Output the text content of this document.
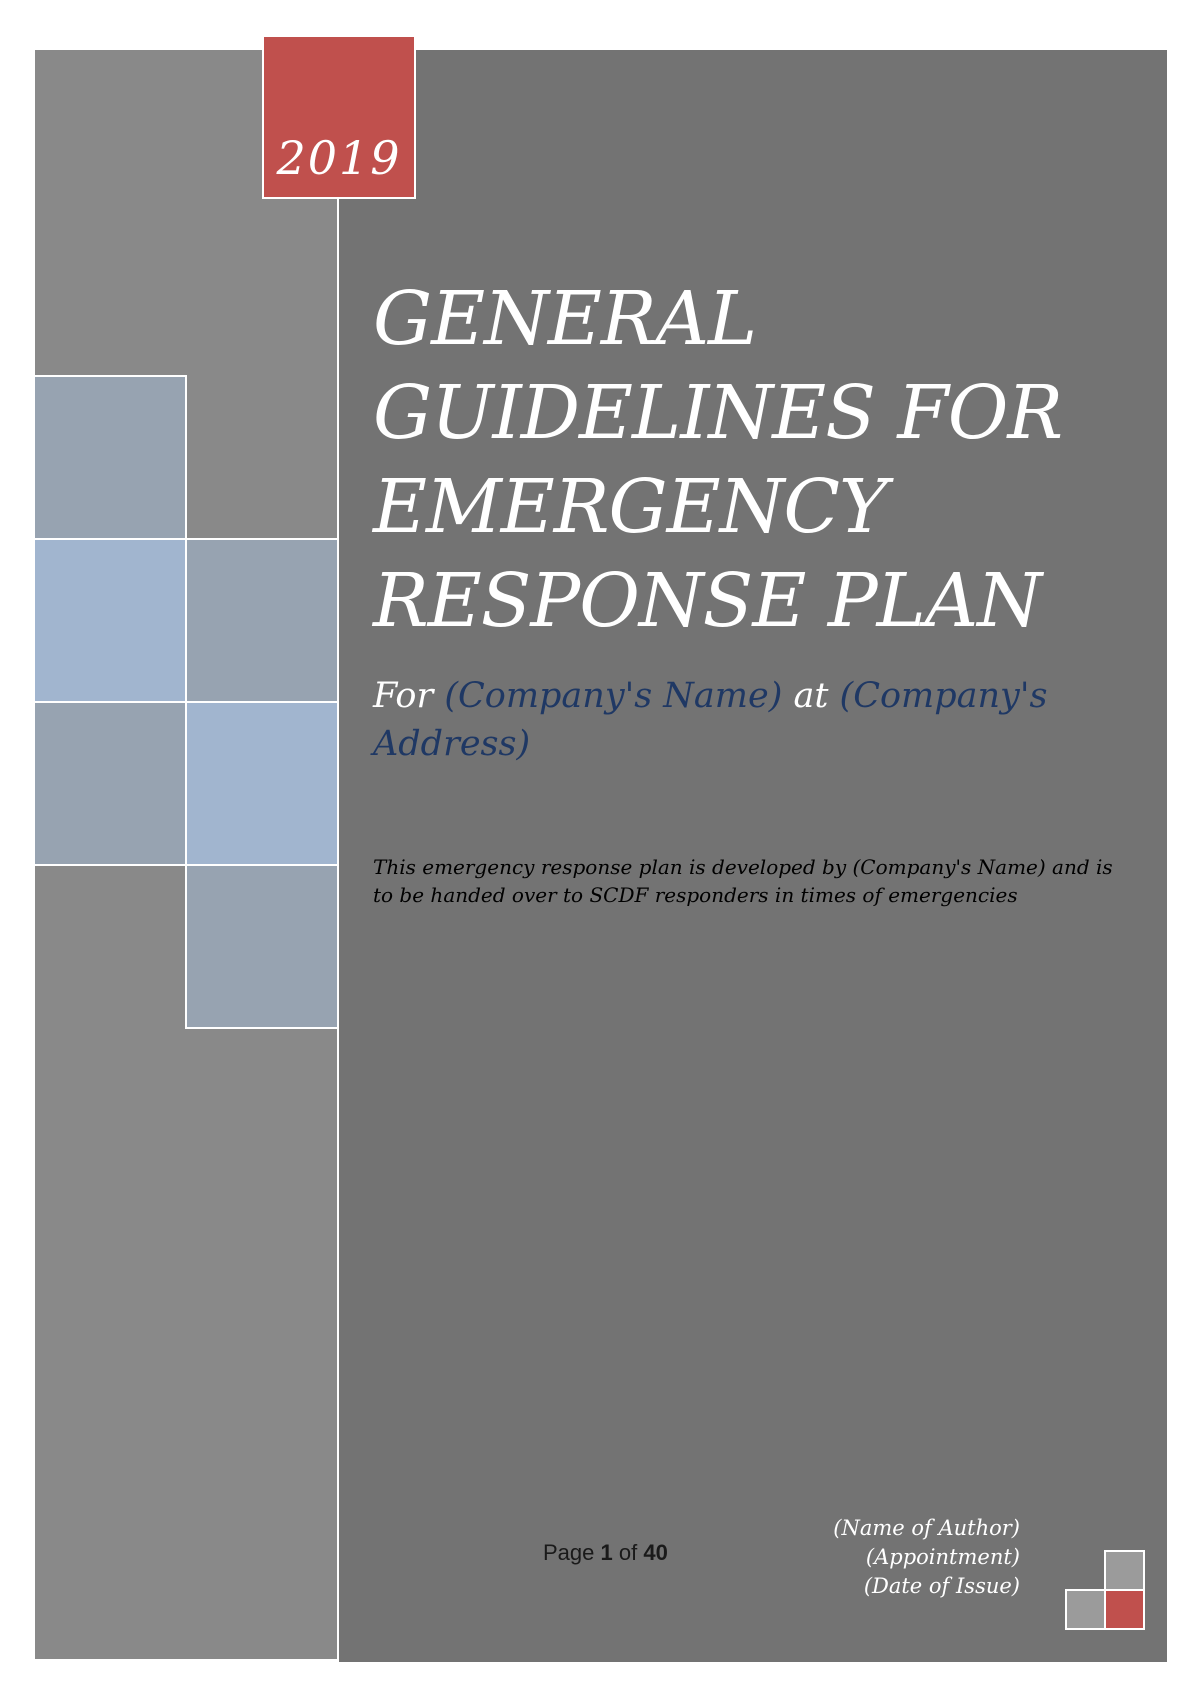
2019
GENERAL
GUIDELINES FOR
EMERGENCY
RESPONSE PLAN

For (Company's Name) at (Company's Address)

This emergency response plan is developed by (Company's Name) and is to be handed over to SCDF responders in times of emergencies

Page 1 of 40
(Name of Author)
(Appointment)
(Date of Issue)
